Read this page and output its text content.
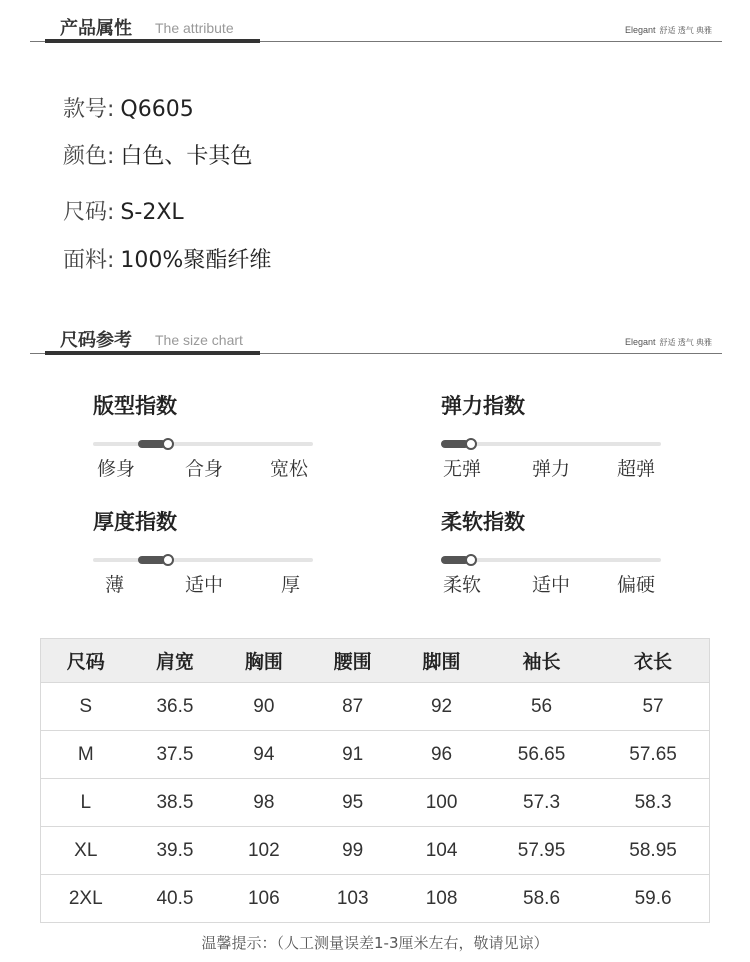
产品属性 The attribute	Elegant 舒适 透气 典雅
款号: Q6605
颜色: 白色、卡其色
尺码: S-2XL
面料: 100%聚酯纤维
尺码参考 The size chart	Elegant 舒适 透气 典雅
版型指数
修身	合身 宽松
弹力指数
无弹	弹力 超弹
厚度指数
薄	适中	厚
柔软指数
柔软	适中 偏硬
尺码	肩宽	胸围	腰围	脚围	袖长	衣长
S	36.5	90	87	92	56	57
M	37.5	94	91	96	56.65	57.65
L	38.5	98	95	100	57.3	58.3
XL	39.5	102	99	104	57.95	58.95
2XL	40.5	106	103	108	58.6	59.6
温馨提示：（人工测量误差1-3厘米左右，敬请见谅）
